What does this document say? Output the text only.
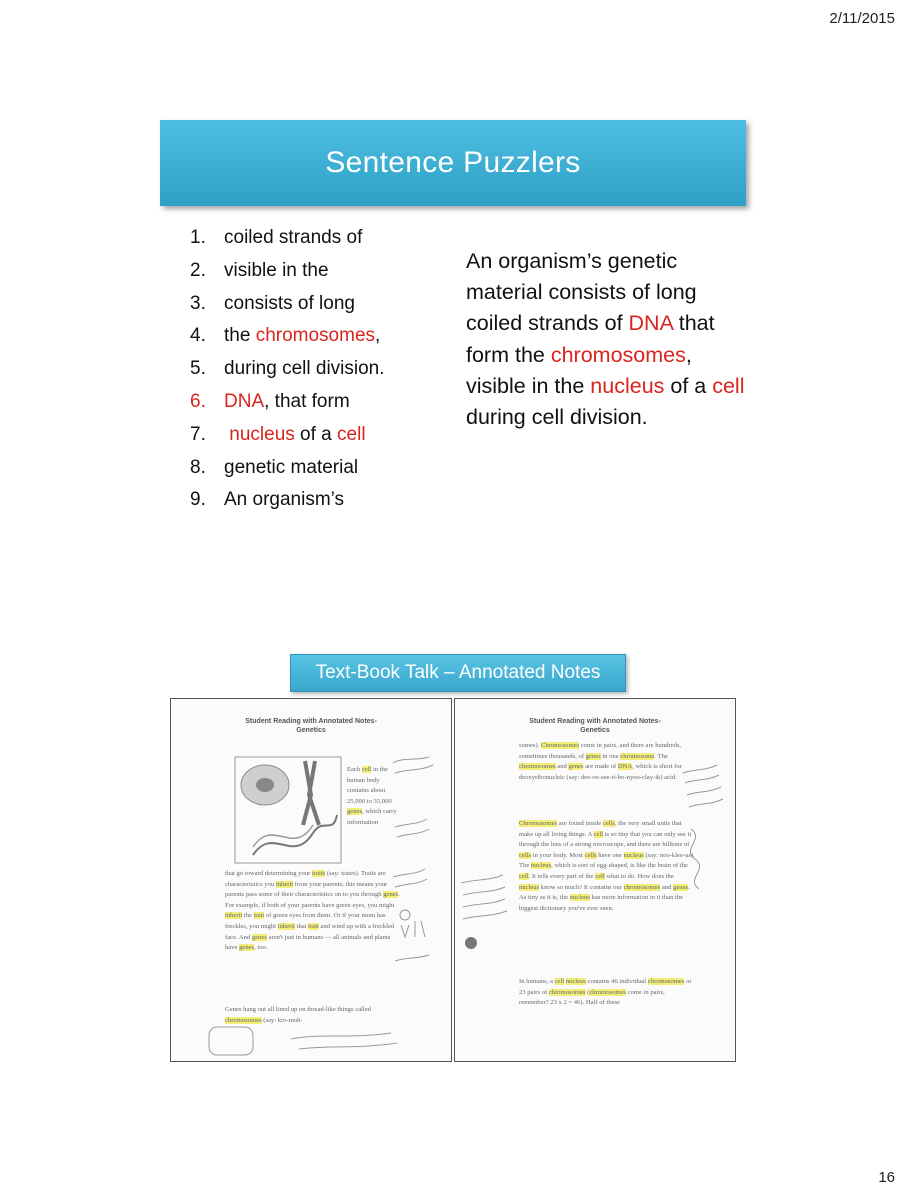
2/11/2015
Sentence Puzzlers
1. coiled strands of
2. visible in the
3. consists of long
4. the chromosomes,
5. during cell division.
6. DNA, that form
7. nucleus of a cell
8. genetic material
9. An organism’s

An organism’s genetic material consists of long coiled strands of DNA that form the chromosomes, visible in the nucleus of a cell during cell division.

Text-Book Talk – Annotated Notes
Student Reading with Annotated Notes-
Genetics

Each cell in the human body contains about 25,000 to 35,000 genes, which carry information

that go toward determining your traits (say: trates). Traits are characteristics you inherit from your parents; this means your parents pass some of their characteristics on to you through genes. For example, if both of your parents have green eyes, you might inherit the trait of green eyes from them. Or if your mom has freckles, you might inherit that trait and wind up with a freckled face. And genes aren't just in humans — all animals and plants have genes, too.

Genes hang out all lined up on thread-like things called chromosomes (say: kro-moh-

Student Reading with Annotated Notes-
Genetics

somes). Chromosomes come in pairs, and there are hundreds, sometimes thousands, of genes in one chromosome. The chromosomes and genes are made of DNA, which is short for deoxyribonucleic (say: dee-ox-see-ri-bo-nyoo-clay-ik) acid.

Chromosomes are found inside cells, the very small units that make up all living things. A cell is so tiny that you can only see it through the lens of a strong microscope, and there are billions of cells in your body. Most cells have one nucleus (say: noo-klee-us). The nucleus, which is sort of egg-shaped, is like the brain of the cell. It tells every part of the cell what to do. How does the nucleus know so much? It contains our chromosomes and genes. As tiny as it is, the nucleus has more information in it than the biggest dictionary you've ever seen.

In humans, a cell nucleus contains 46 individual chromosomes or 23 pairs of chromosomes (chromosomes come in pairs, remember? 23 x 2 = 46). Half of these

16
